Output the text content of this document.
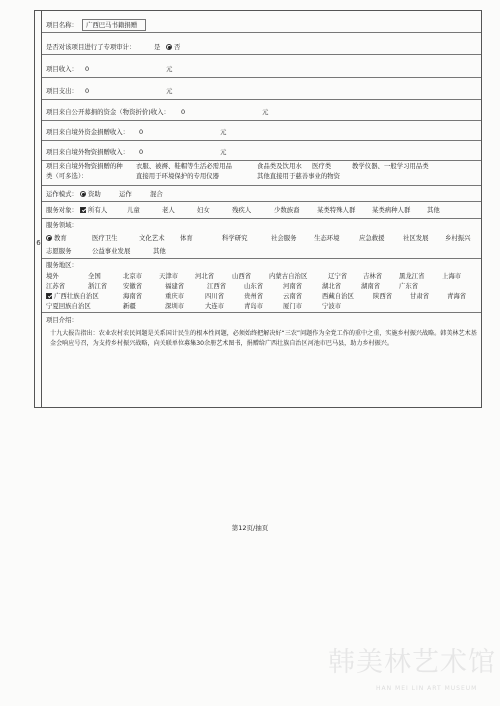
6
项目名称：	广西巴马书籍捐赠
是否对该项目进行了专项审计：	是	否
项目收入： 0	元
项目支出： 0	元
项目来自公开募捐的资金（物资折价)收入： 0	元
项目来自境外资金捐赠收入： 0	元
项目来自境外物资捐赠收入： 0	元
项目来自境外物资捐赠的种
类（可多选）：
衣服、被褥、鞋帽等生活必需用品	食品类及饮用水 医疗类	教学仪器、一般学习用品类
直接用于环境保护的专用仪器	其他直接用于慈善事业的物资
运作模式：	资助	运作	混合
服务对象：	所有人	儿童	老人	妇女	残疾人	少数族裔	某类特殊人群	某类病种人群	其他
服务领域：
教育	医疗卫生	文化艺术 体育	科学研究	社会服务	生态环境	应急救援	社区发展	乡村振兴
志愿服务	公益事业发展	其他
服务地区：
境外	全国	北京市	天津市	河北省	山西省	内蒙古自治区	辽宁省 吉林省	黑龙江省	上海市
江苏省	浙江省 安徽省	福建省	江西省	山东省	河南省	湖北省	湖南省	广东省
广西壮族自治区	海南省	重庆市	四川省	贵州省	云南省	西藏自治区	陕西省	甘肃省	青海省
宁夏回族自治区	新疆	深圳市	大连市	青岛市	厦门市	宁波市
项目介绍：
十九大报告指出：农业农村农民问题是关系国计民生的根本性问题，必须始终把解决好“三农”问题作为全党工作的重中之重，实施乡村振兴战略。韩美林艺术基金会响应号召，为支持乡村振兴战略，向关联单位募集30余册艺术图书，捐赠给广西壮族自治区河池市巴马县，助力乡村振兴。
第12页/抽页
韩美林艺术馆
HAN MEI LIN ART MUSEUM
